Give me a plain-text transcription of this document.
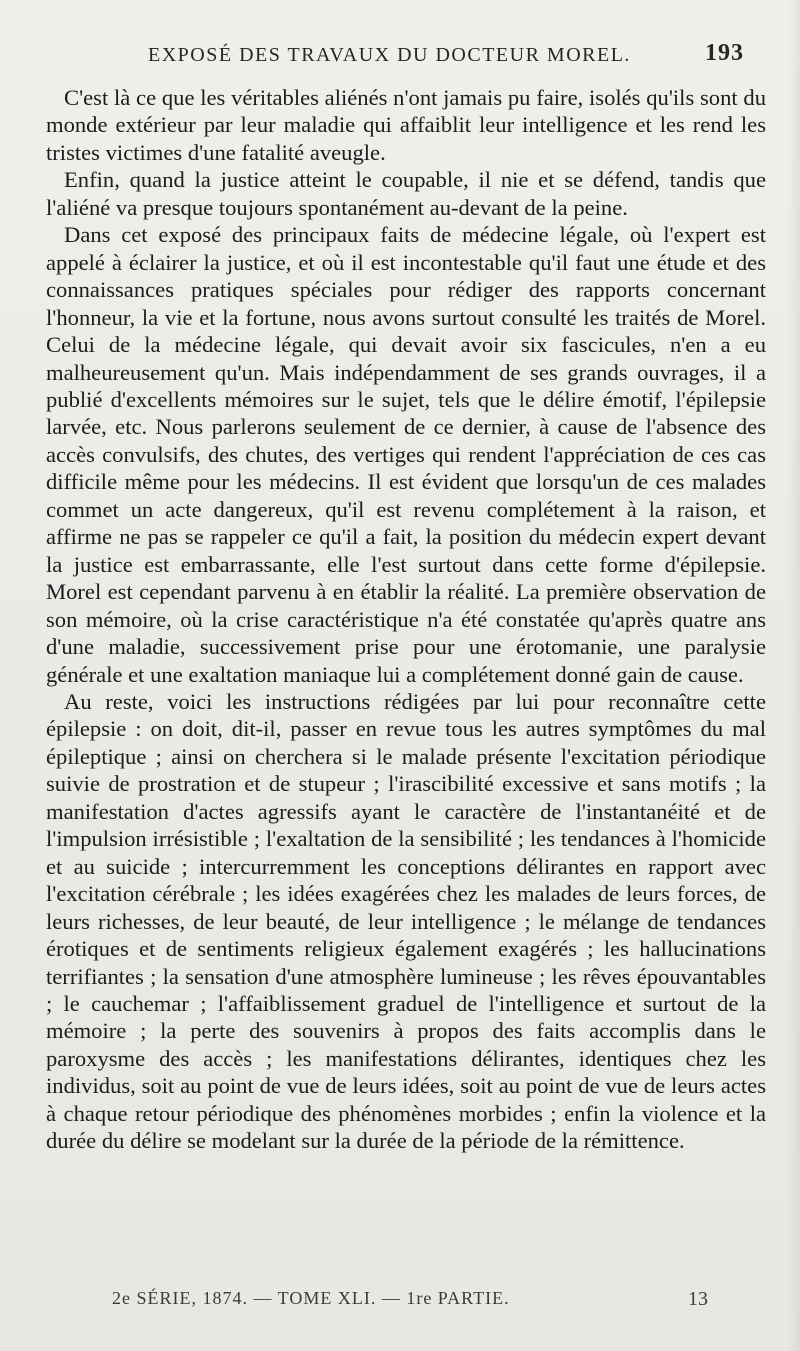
EXPOSÉ DES TRAVAUX DU DOCTEUR MOREL.	193

C'est là ce que les véritables aliénés n'ont jamais pu faire, isolés qu'ils sont du monde extérieur par leur maladie qui affaiblit leur intelligence et les rend les tristes victimes d'une fatalité aveugle.

Enfin, quand la justice atteint le coupable, il nie et se défend, tandis que l'aliéné va presque toujours spontanément au-devant de la peine.

Dans cet exposé des principaux faits de médecine légale, où l'expert est appelé à éclairer la justice, et où il est incontestable qu'il faut une étude et des connaissances pratiques spéciales pour rédiger des rapports concernant l'honneur, la vie et la fortune, nous avons surtout consulté les traités de Morel. Celui de la médecine légale, qui devait avoir six fascicules, n'en a eu malheureusement qu'un. Mais indépendamment de ses grands ouvrages, il a publié d'excellents mémoires sur le sujet, tels que le délire émotif, l'épilepsie larvée, etc. Nous parlerons seulement de ce dernier, à cause de l'absence des accès convulsifs, des chutes, des vertiges qui rendent l'appréciation de ces cas difficile même pour les médecins. Il est évident que lorsqu'un de ces malades commet un acte dangereux, qu'il est revenu complétement à la raison, et affirme ne pas se rappeler ce qu'il a fait, la position du médecin expert devant la justice est embarrassante, elle l'est surtout dans cette forme d'épilepsie. Morel est cependant parvenu à en établir la réalité. La première observation de son mémoire, où la crise caractéristique n'a été constatée qu'après quatre ans d'une maladie, successivement prise pour une érotomanie, une paralysie générale et une exaltation maniaque lui a complétement donné gain de cause.

Au reste, voici les instructions rédigées par lui pour reconnaître cette épilepsie : on doit, dit-il, passer en revue tous les autres symptômes du mal épileptique ; ainsi on cherchera si le malade présente l'excitation périodique suivie de prostration et de stupeur ; l'irascibilité excessive et sans motifs ; la manifestation d'actes agressifs ayant le caractère de l'instantanéité et de l'impulsion irrésistible ; l'exaltation de la sensibilité ; les tendances à l'homicide et au suicide ; intercurremment les conceptions délirantes en rapport avec l'excitation cérébrale ; les idées exagérées chez les malades de leurs forces, de leurs richesses, de leur beauté, de leur intelligence ; le mélange de tendances érotiques et de sentiments religieux également exagérés ; les hallucinations terrifiantes ; la sensation d'une atmosphère lumineuse ; les rêves épouvantables ; le cauchemar ; l'affaiblissement graduel de l'intelligence et surtout de la mémoire ; la perte des souvenirs à propos des faits accomplis dans le paroxysme des accès ; les manifestations délirantes, identiques chez les individus, soit au point de vue de leurs idées, soit au point de vue de leurs actes à chaque retour périodique des phénomènes morbides ; enfin la violence et la durée du délire se modelant sur la durée de la période de la rémittence.

2e SÉRIE, 1874. — TOME XLI. — 1re PARTIE.	13
